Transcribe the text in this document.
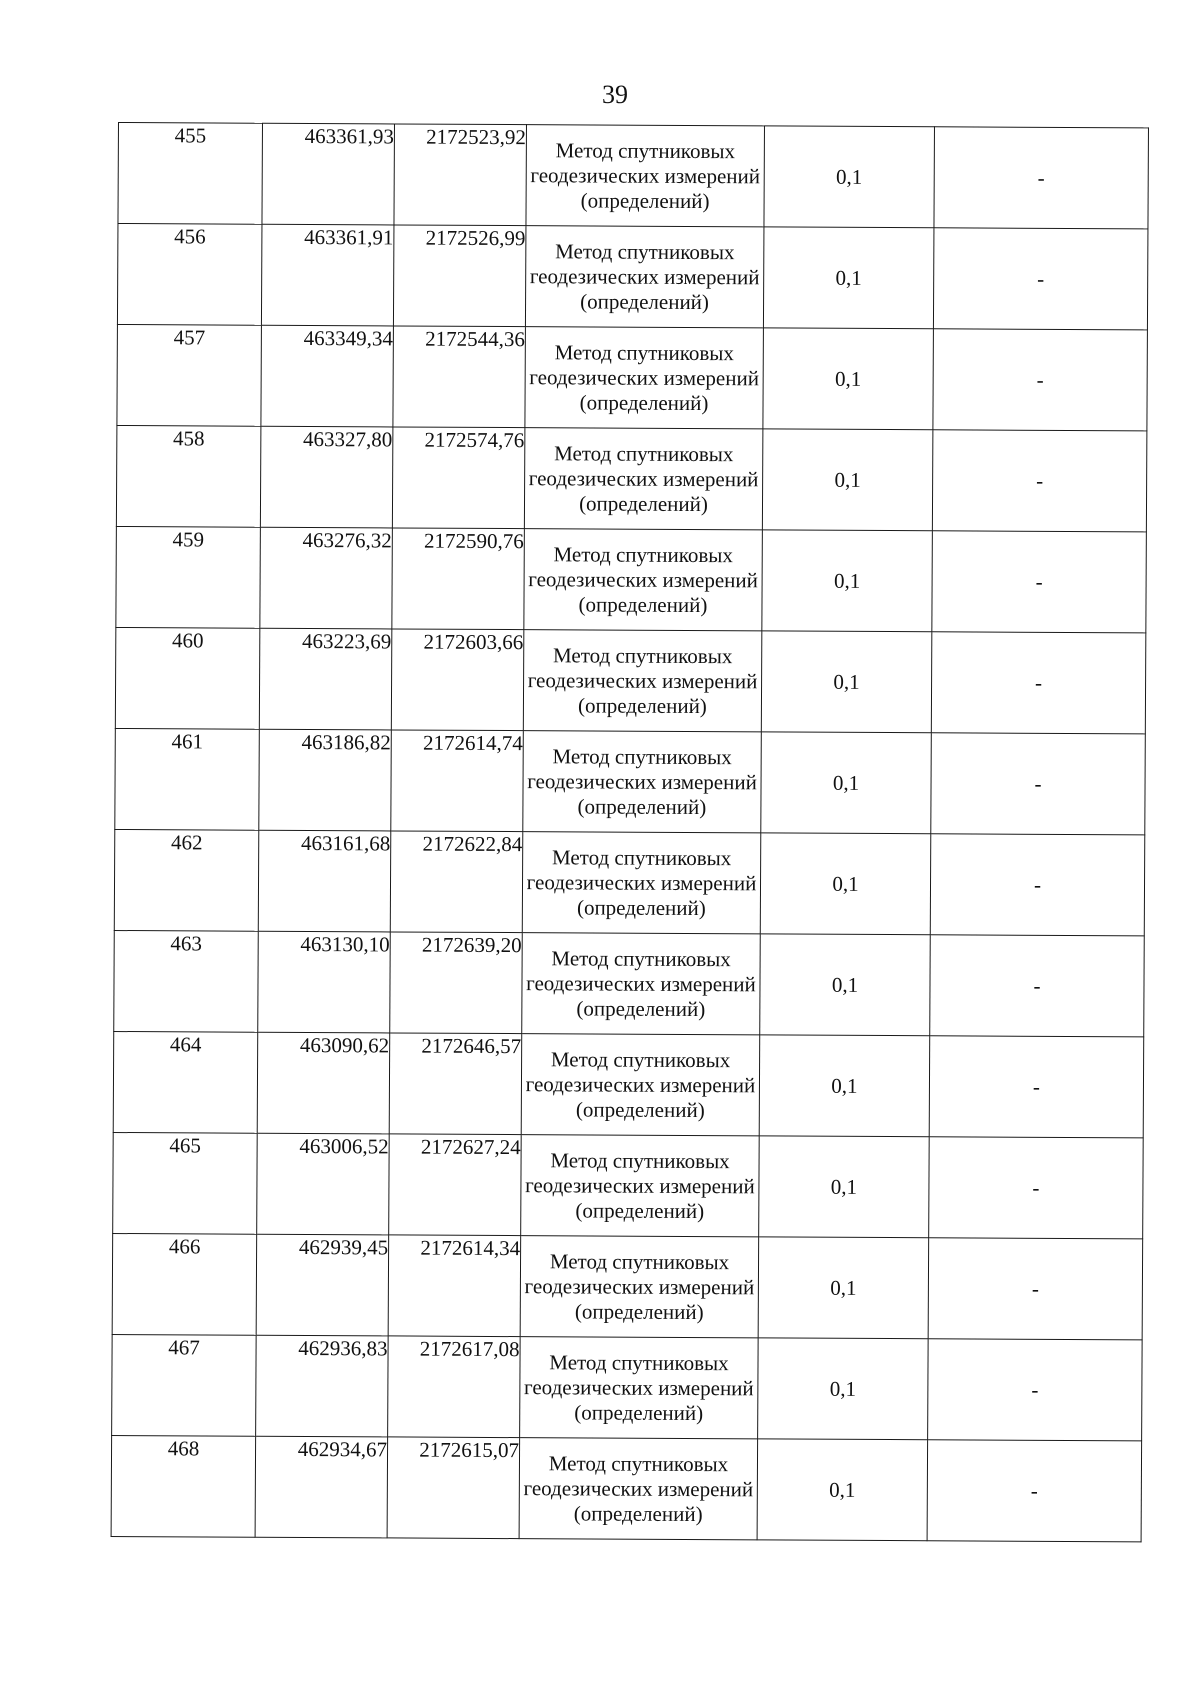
39
455	463361,93	2172523,92	Метод спутниковых
геодезических измерений
(определений)	0,1	-
456	463361,91	2172526,99	Метод спутниковых
геодезических измерений
(определений)	0,1	-
457	463349,34	2172544,36	Метод спутниковых
геодезических измерений
(определений)	0,1	-
458	463327,80	2172574,76	Метод спутниковых
геодезических измерений
(определений)	0,1	-
459	463276,32	2172590,76	Метод спутниковых
геодезических измерений
(определений)	0,1	-
460	463223,69	2172603,66	Метод спутниковых
геодезических измерений
(определений)	0,1	-
461	463186,82	2172614,74	Метод спутниковых
геодезических измерений
(определений)	0,1	-
462	463161,68	2172622,84	Метод спутниковых
геодезических измерений
(определений)	0,1	-
463	463130,10	2172639,20	Метод спутниковых
геодезических измерений
(определений)	0,1	-
464	463090,62	2172646,57	Метод спутниковых
геодезических измерений
(определений)	0,1	-
465	463006,52	2172627,24	Метод спутниковых
геодезических измерений
(определений)	0,1	-
466	462939,45	2172614,34	Метод спутниковых
геодезических измерений
(определений)	0,1	-
467	462936,83	2172617,08	Метод спутниковых
геодезических измерений
(определений)	0,1	-
468	462934,67	2172615,07	Метод спутниковых
геодезических измерений
(определений)	0,1	-
